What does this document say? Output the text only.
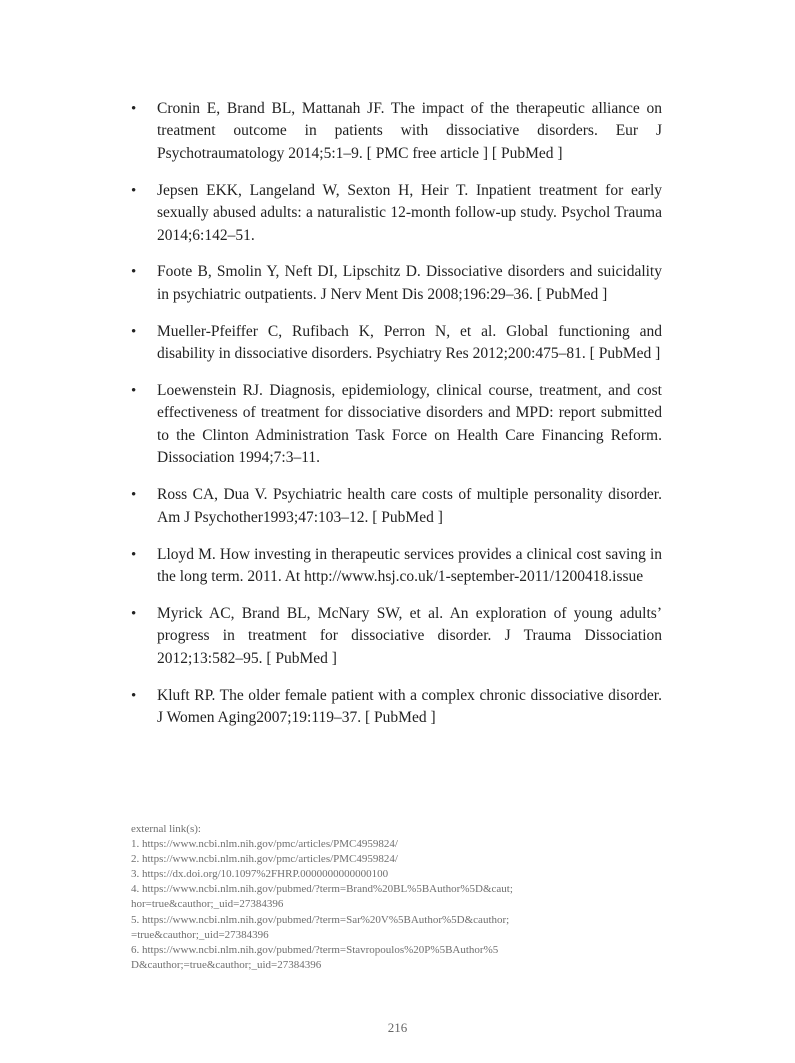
•	Cronin E, Brand BL, Mattanah JF. The impact of the therapeutic alliance on treatment outcome in patients with dissociative disorders. Eur J Psychotraumatology 2014;5:1–9. [ PMC free article ] [ PubMed ]
•	Jepsen EKK, Langeland W, Sexton H, Heir T. Inpatient treatment for early sexually abused adults: a naturalistic 12-month follow-up study. Psychol Trauma 2014;6:142–51.
•	Foote B, Smolin Y, Neft DI, Lipschitz D. Dissociative disorders and suicidality in psychiatric outpatients. J Nerv Ment Dis 2008;196:29–36. [ PubMed ]
•	Mueller-Pfeiffer C, Rufibach K, Perron N, et al. Global functioning and disability in dissociative disorders. Psychiatry Res 2012;200:475–81. [ PubMed ]
•	Loewenstein RJ. Diagnosis, epidemiology, clinical course, treatment, and cost effectiveness of treatment for dissociative disorders and MPD: report submitted to the Clinton Administration Task Force on Health Care Financing Reform. Dissociation 1994;7:3–11.
•	Ross CA, Dua V. Psychiatric health care costs of multiple personality disorder. Am J Psychother1993;47:103–12. [ PubMed ]
•	Lloyd M. How investing in therapeutic services provides a clinical cost saving in the long term. 2011. At http://www.hsj.co.uk/1-september-2011/1200418.issue
•	Myrick AC, Brand BL, McNary SW, et al. An exploration of young adults’ progress in treatment for dissociative disorder. J Trauma Dissociation 2012;13:582–95. [ PubMed ]
•	Kluft RP. The older female patient with a complex chronic dissociative disorder. J Women Aging2007;19:119–37. [ PubMed ]
external link(s):
1. https://www.ncbi.nlm.nih.gov/pmc/articles/PMC4959824/
2. https://www.ncbi.nlm.nih.gov/pmc/articles/PMC4959824/
3. https://dx.doi.org/10.1097%2FHRP.0000000000000100
4. https://www.ncbi.nlm.nih.gov/pubmed/?term=Brand%20BL%5BAuthor%5D&caut;
hor=true&cauthor;_uid=27384396
5. https://www.ncbi.nlm.nih.gov/pubmed/?term=Sar%20V%5BAuthor%5D&cauthor;
=true&cauthor;_uid=27384396
6. https://www.ncbi.nlm.nih.gov/pubmed/?term=Stavropoulos%20P%5BAuthor%5
D&cauthor;=true&cauthor;_uid=27384396
216
